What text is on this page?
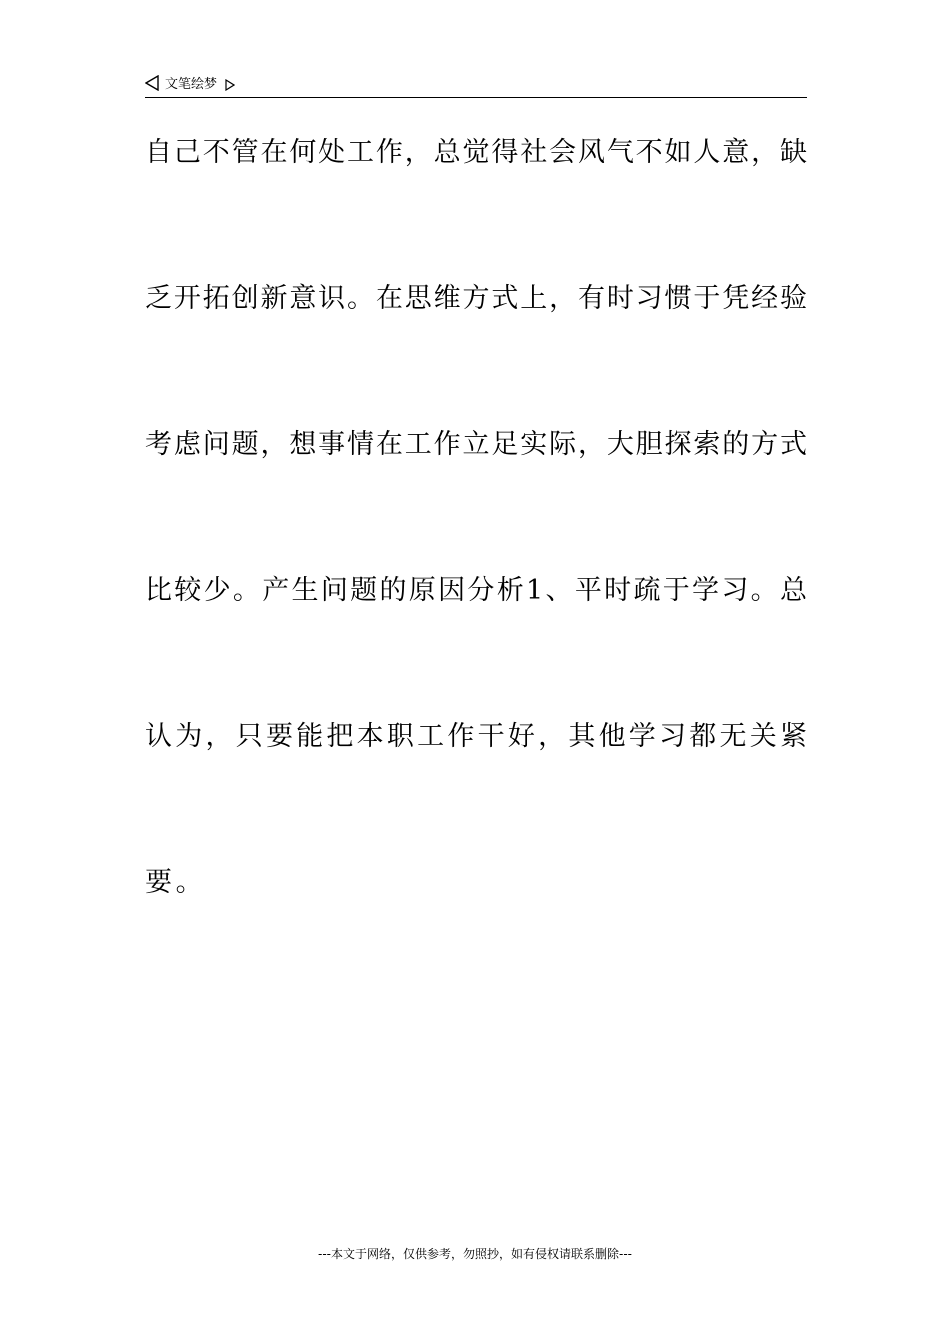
文笔绘梦
自己不管在何处工作，总觉得社会风气不如人意，缺
乏开拓创新意识。在思维方式上，有时习惯于凭经验
考虑问题，想事情在工作立足实际，大胆探索的方式
比较少。产生问题的原因分析1、平时疏于学习。总
认为，只要能把本职工作干好，其他学习都无关紧
要。
---本文于网络，仅供参考，勿照抄，如有侵权请联系删除---
